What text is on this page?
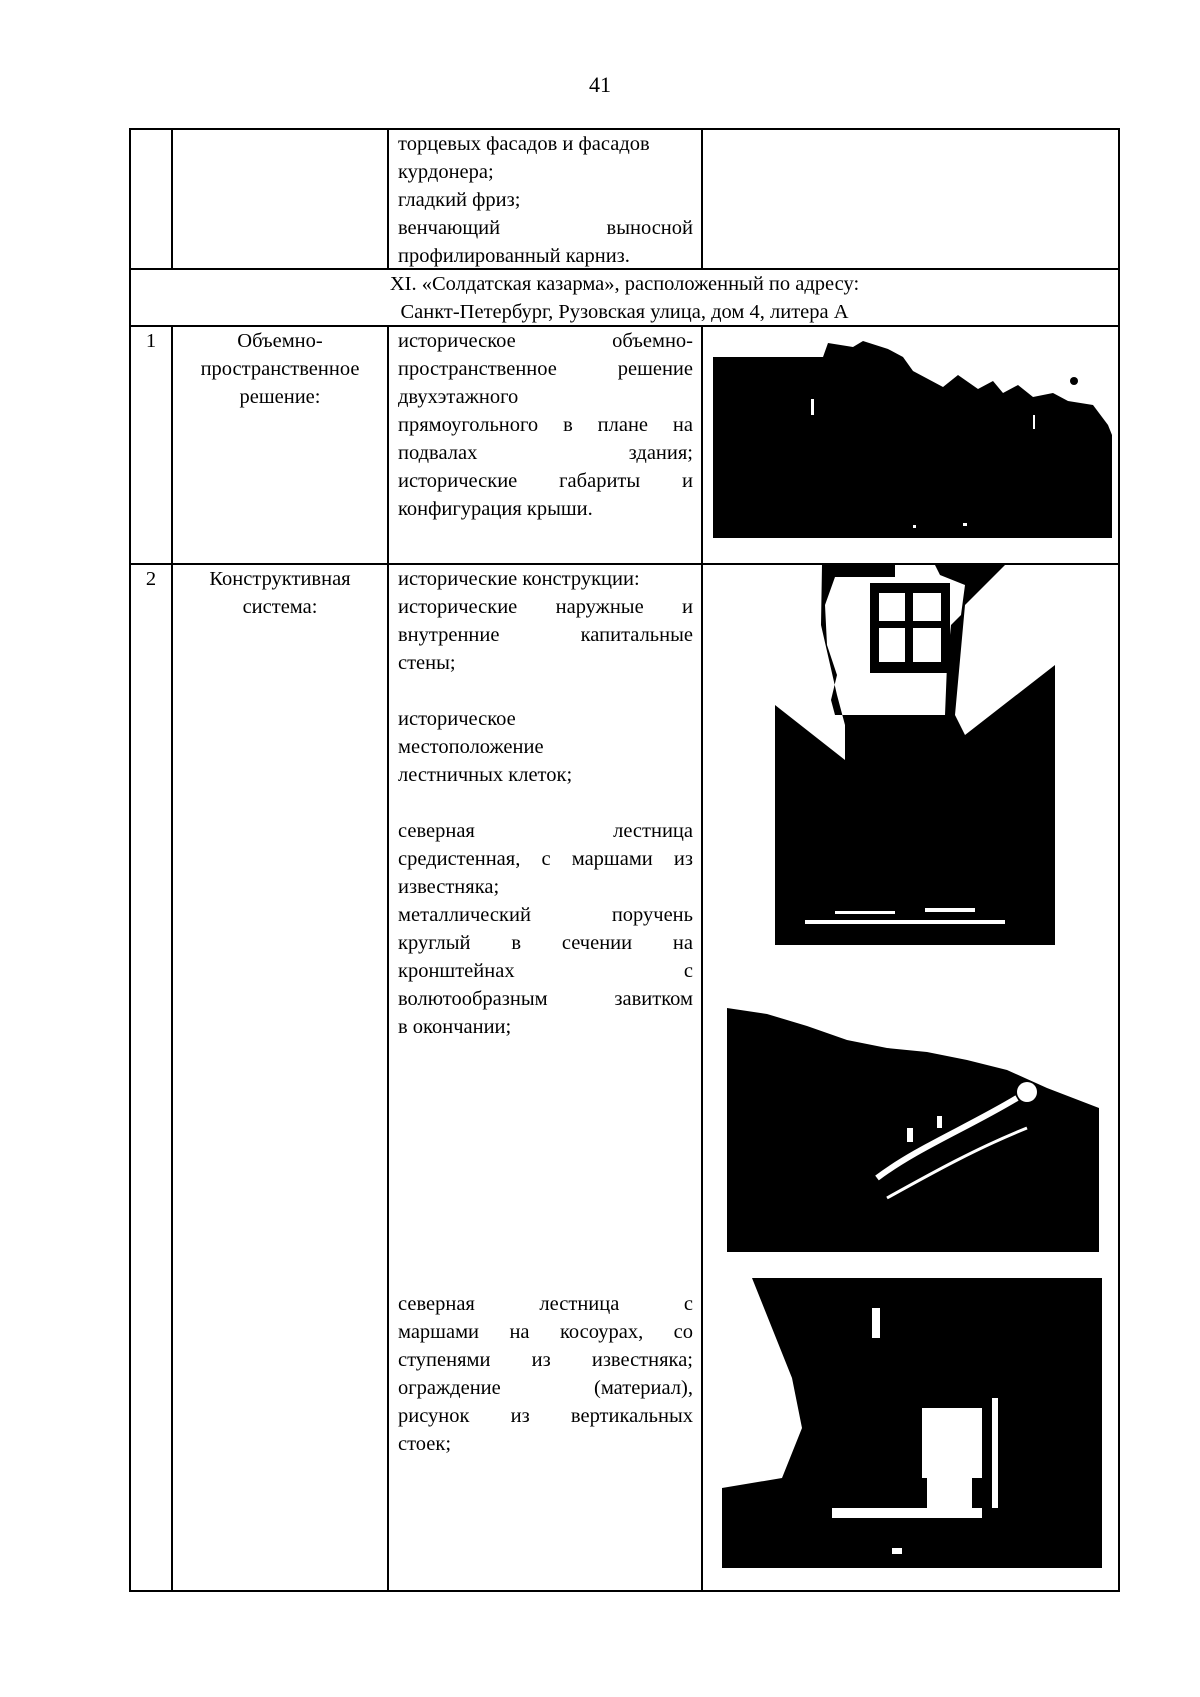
41

торцевых фасадов и фасадов

курдонера;

гладкий фриз;

венчающий выносной

профилированный карниз.

XI. «Солдатская казарма», расположенный по адресу:

Санкт-Петербург, Рузовская улица, дом 4, литера А

1	Объемно-

пространственное

решение:

историческое объемно-

пространственное решение

двухэтажного

прямоугольного в плане на

подвалах здания;

исторические габариты и

конфигурация крыши.

2	Конструктивная

система:

исторические конструкции:

исторические наружные и

внутренние капитальные

стены;

историческое

местоположение

лестничных клеток;

северная лестница

средистенная, с маршами из

известняка;

металлический поручень

круглый в сечении на

кронштейнах с

волютообразным завитком

в окончании;

северная лестница с

маршами на косоурах, со

ступенями из известняка;

ограждение (материал),

рисунок из вертикальных

стоек;
